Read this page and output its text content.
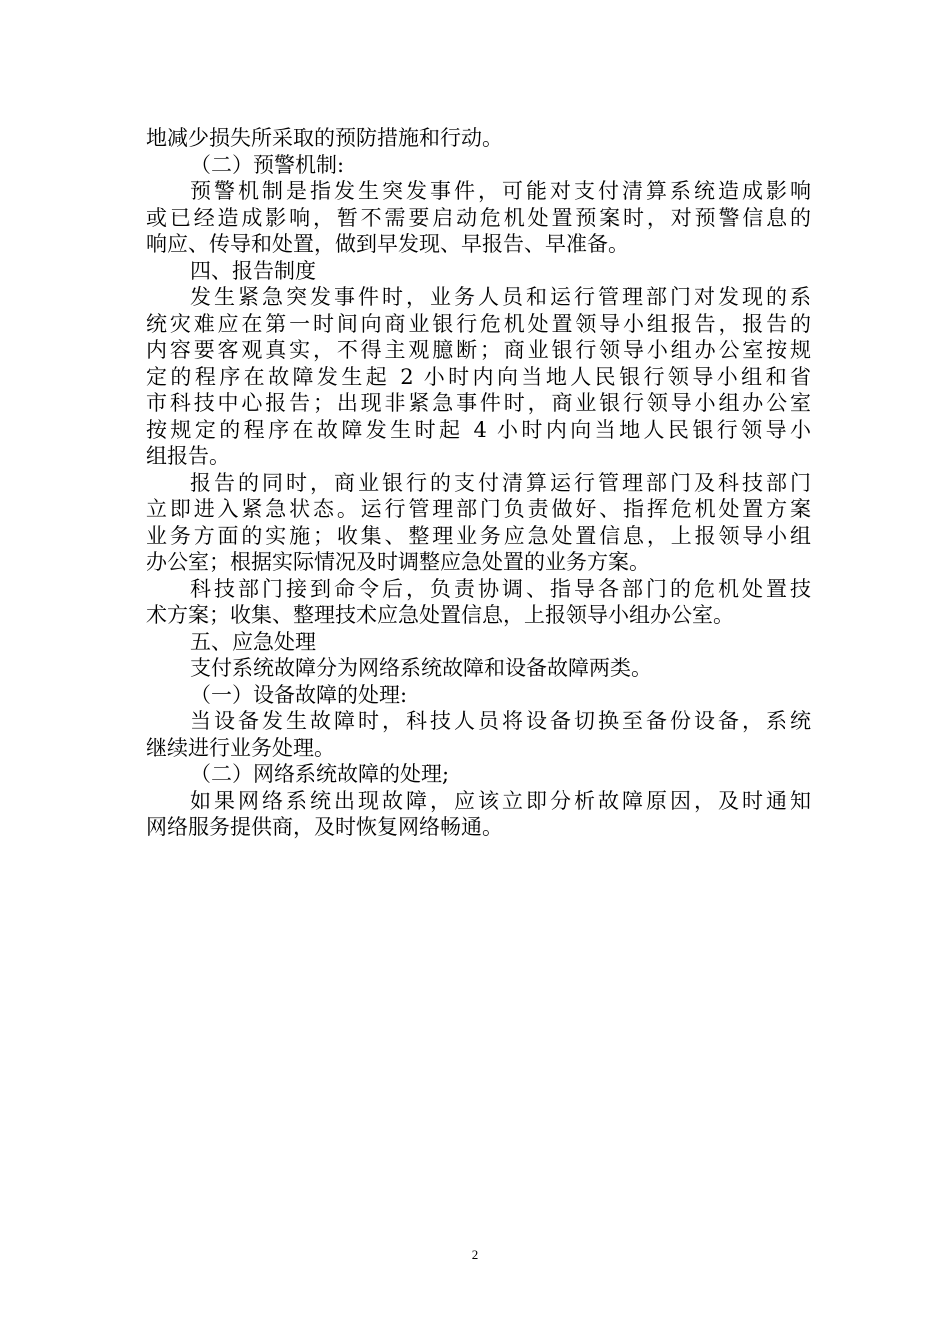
地减少损失所采取的预防措施和行动。
（二）预警机制:
预警机制是指发生突发事件，可能对支付清算系统造成影响
或已经造成影响，暂不需要启动危机处置预案时，对预警信息的
响应、传导和处置，做到早发现、早报告、早准备。
四、报告制度
发生紧急突发事件时，业务人员和运行管理部门对发现的系
统灾难应在第一时间向商业银行危机处置领导小组报告，报告的
内容要客观真实，不得主观臆断；商业银行领导小组办公室按规
定的程序在故障发生起 2 小时内向当地人民银行领导小组和省
市科技中心报告；出现非紧急事件时，商业银行领导小组办公室
按规定的程序在故障发生时起 4 小时内向当地人民银行领导小
组报告。
报告的同时，商业银行的支付清算运行管理部门及科技部门
立即进入紧急状态。运行管理部门负责做好、指挥危机处置方案
业务方面的实施；收集、整理业务应急处置信息，上报领导小组
办公室；根据实际情况及时调整应急处置的业务方案。
科技部门接到命令后，负责协调、指导各部门的危机处置技
术方案；收集、整理技术应急处置信息，上报领导小组办公室。
五、应急处理
支付系统故障分为网络系统故障和设备故障两类。
（一）设备故障的处理:
当设备发生故障时，科技人员将设备切换至备份设备，系统
继续进行业务处理。
（二）网络系统故障的处理;
如果网络系统出现故障，应该立即分析故障原因，及时通知
网络服务提供商，及时恢复网络畅通。
2
